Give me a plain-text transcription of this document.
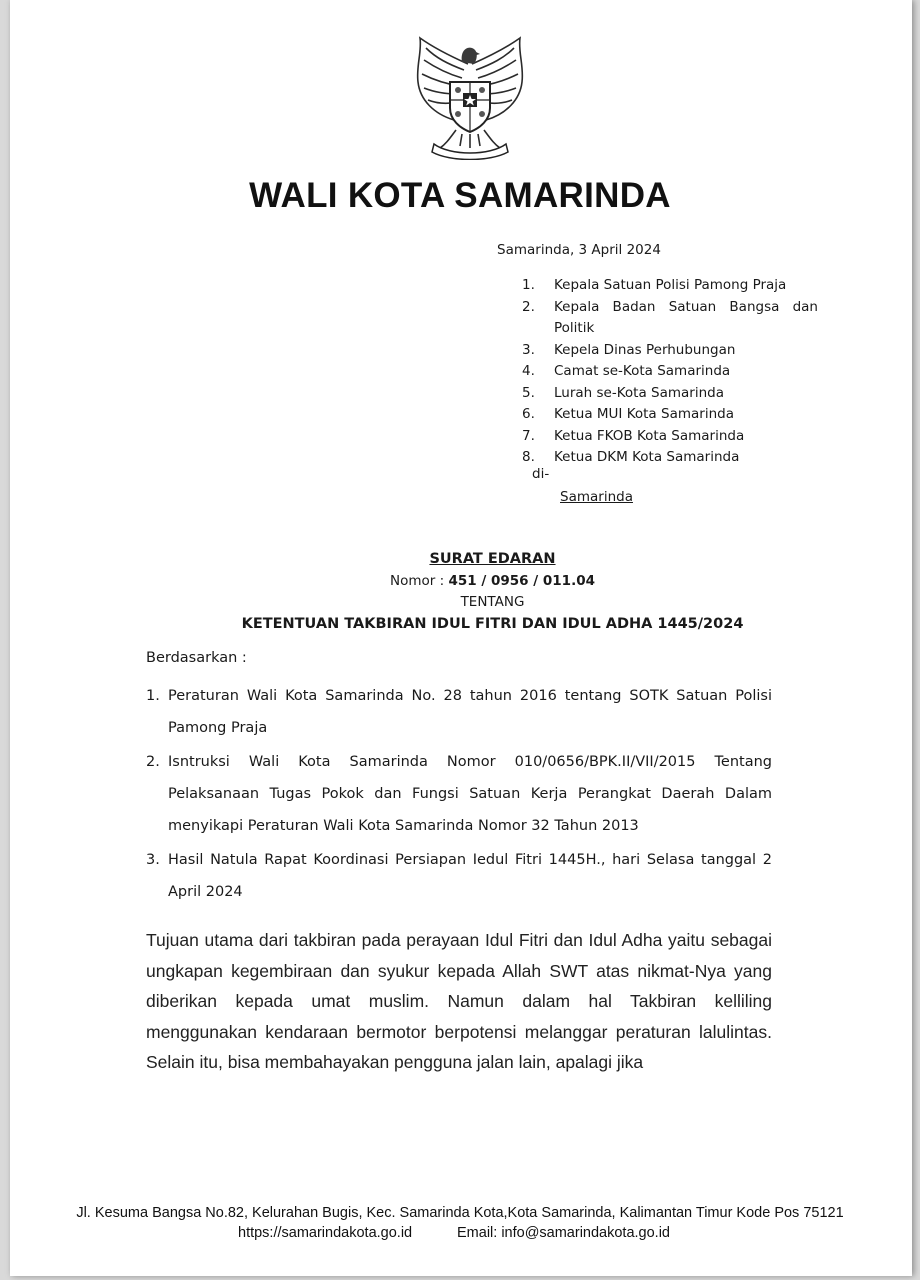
WALI KOTA SAMARINDA
Samarinda, 3 April 2024
1.	Kepala Satuan Polisi Pamong Praja
2.	Kepala Badan Satuan Bangsa dan Politik
3.	Kepela Dinas Perhubungan
4.	Camat se-Kota Samarinda
5.	Lurah se-Kota Samarinda
6.	Ketua MUI Kota Samarinda
7.	Ketua FKOB Kota Samarinda
8.	Ketua DKM Kota Samarinda
di-
Samarinda
SURAT EDARAN
Nomor : 451 / 0956 / 011.04
TENTANG
KETENTUAN TAKBIRAN IDUL FITRI DAN IDUL ADHA 1445/2024
Berdasarkan :
1. Peraturan Wali Kota Samarinda No. 28 tahun 2016 tentang SOTK Satuan Polisi Pamong Praja
2. Isntruksi Wali Kota Samarinda Nomor 010/0656/BPK.II/VII/2015 Tentang Pelaksanaan Tugas Pokok dan Fungsi Satuan Kerja Perangkat Daerah Dalam menyikapi Peraturan Wali Kota Samarinda Nomor 32 Tahun 2013
3. Hasil Natula Rapat Koordinasi Persiapan Iedul Fitri 1445H., hari Selasa tanggal 2 April 2024
Tujuan utama dari takbiran pada perayaan Idul Fitri dan Idul Adha yaitu sebagai ungkapan kegembiraan dan syukur kepada Allah SWT atas nikmat-Nya yang diberikan kepada umat muslim. Namun dalam hal Takbiran kelliling menggunakan kendaraan bermotor berpotensi melanggar peraturan lalulintas. Selain itu, bisa membahayakan pengguna jalan lain, apalagi jika
Jl. Kesuma Bangsa No.82, Kelurahan Bugis, Kec. Samarinda Kota,Kota Samarinda, Kalimantan Timur Kode Pos 75121
https://samarindakota.go.id	Email: info@samarindakota.go.id
